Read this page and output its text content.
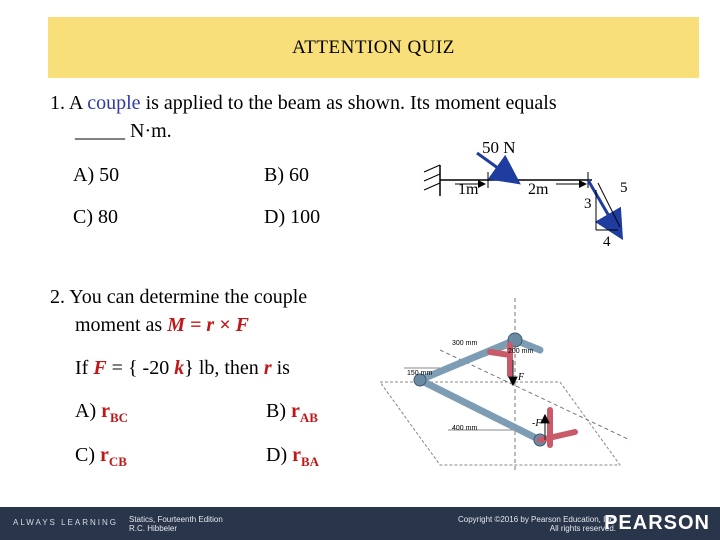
ATTENTION QUIZ
1. A couple is applied to the beam as shown. Its moment equals
_____ N·m.
A) 50	B) 60
C) 80	D) 100
50 N
1m	2m
3
4
5
2. You can determine the couple
moment as M = r × F
If F = { -20 k} lb, then r is
A) $r_{BC}$	B) $r_{AB}$
C) $r_{CB}$	D) $r_{BA}$
300 mm
200 mm
150 mm
400 mm
F
-F
ALWAYS LEARNING Statics, Fourteenth Edition
R.C. Hibbeler
Copyright ©2016 by Pearson Education, Inc.
All rights reserved.
PEARSON
